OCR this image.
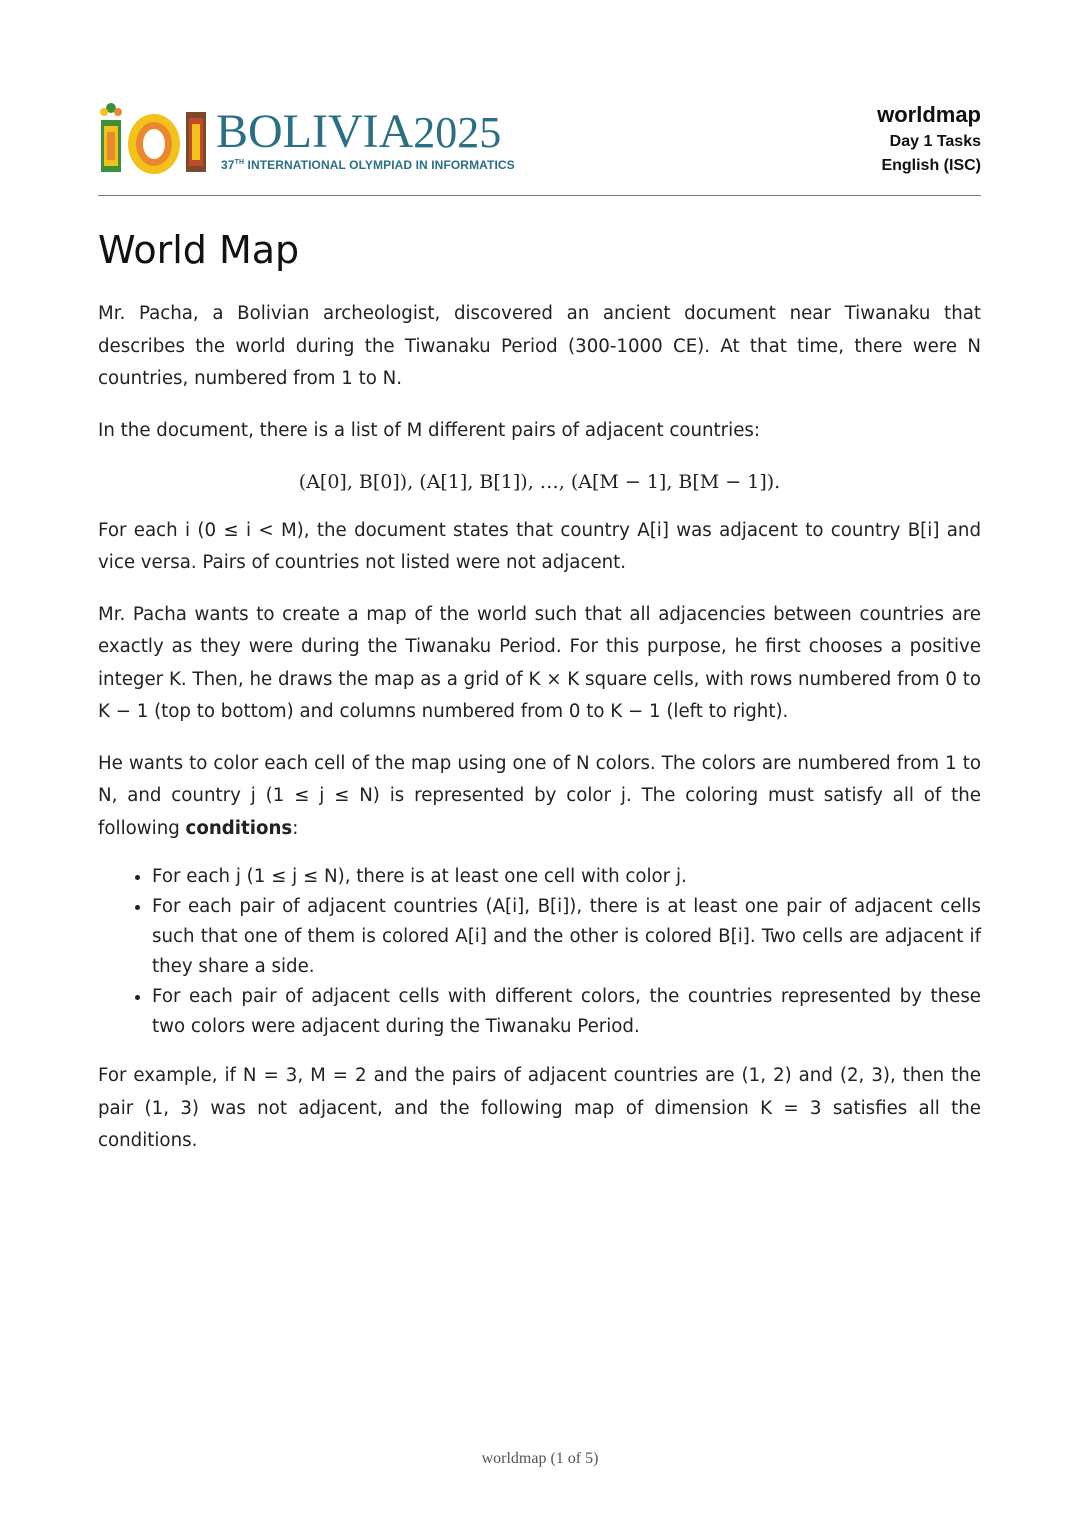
BOLIVIA2025
37TH INTERNATIONAL OLYMPIAD IN INFORMATICS
worldmap
Day 1 Tasks
English (ISC)
World Map

Mr. Pacha, a Bolivian archeologist, discovered an ancient document near Tiwanaku that describes the world during the Tiwanaku Period (300-1000 CE). At that time, there were N countries, numbered from 1 to N.

In the document, there is a list of M different pairs of adjacent countries:

(A[0], B[0]), (A[1], B[1]), …, (A[M − 1], B[M − 1]).

For each i (0 ≤ i < M), the document states that country A[i] was adjacent to country B[i] and vice versa. Pairs of countries not listed were not adjacent.

Mr. Pacha wants to create a map of the world such that all adjacencies between countries are exactly as they were during the Tiwanaku Period. For this purpose, he first chooses a positive integer K. Then, he draws the map as a grid of K × K square cells, with rows numbered from 0 to K − 1 (top to bottom) and columns numbered from 0 to K − 1 (left to right).

He wants to color each cell of the map using one of N colors. The colors are numbered from 1 to N, and country j (1 ≤ j ≤ N) is represented by color j. The coloring must satisfy all of the following conditions:

• For each j (1 ≤ j ≤ N), there is at least one cell with color j.
• For each pair of adjacent countries (A[i], B[i]), there is at least one pair of adjacent cells such that one of them is colored A[i] and the other is colored B[i]. Two cells are adjacent if they share a side.
• For each pair of adjacent cells with different colors, the countries represented by these two colors were adjacent during the Tiwanaku Period.

For example, if N = 3, M = 2 and the pairs of adjacent countries are (1, 2) and (2, 3), then the pair (1, 3) was not adjacent, and the following map of dimension K = 3 satisfies all the conditions.

worldmap (1 of 5)
